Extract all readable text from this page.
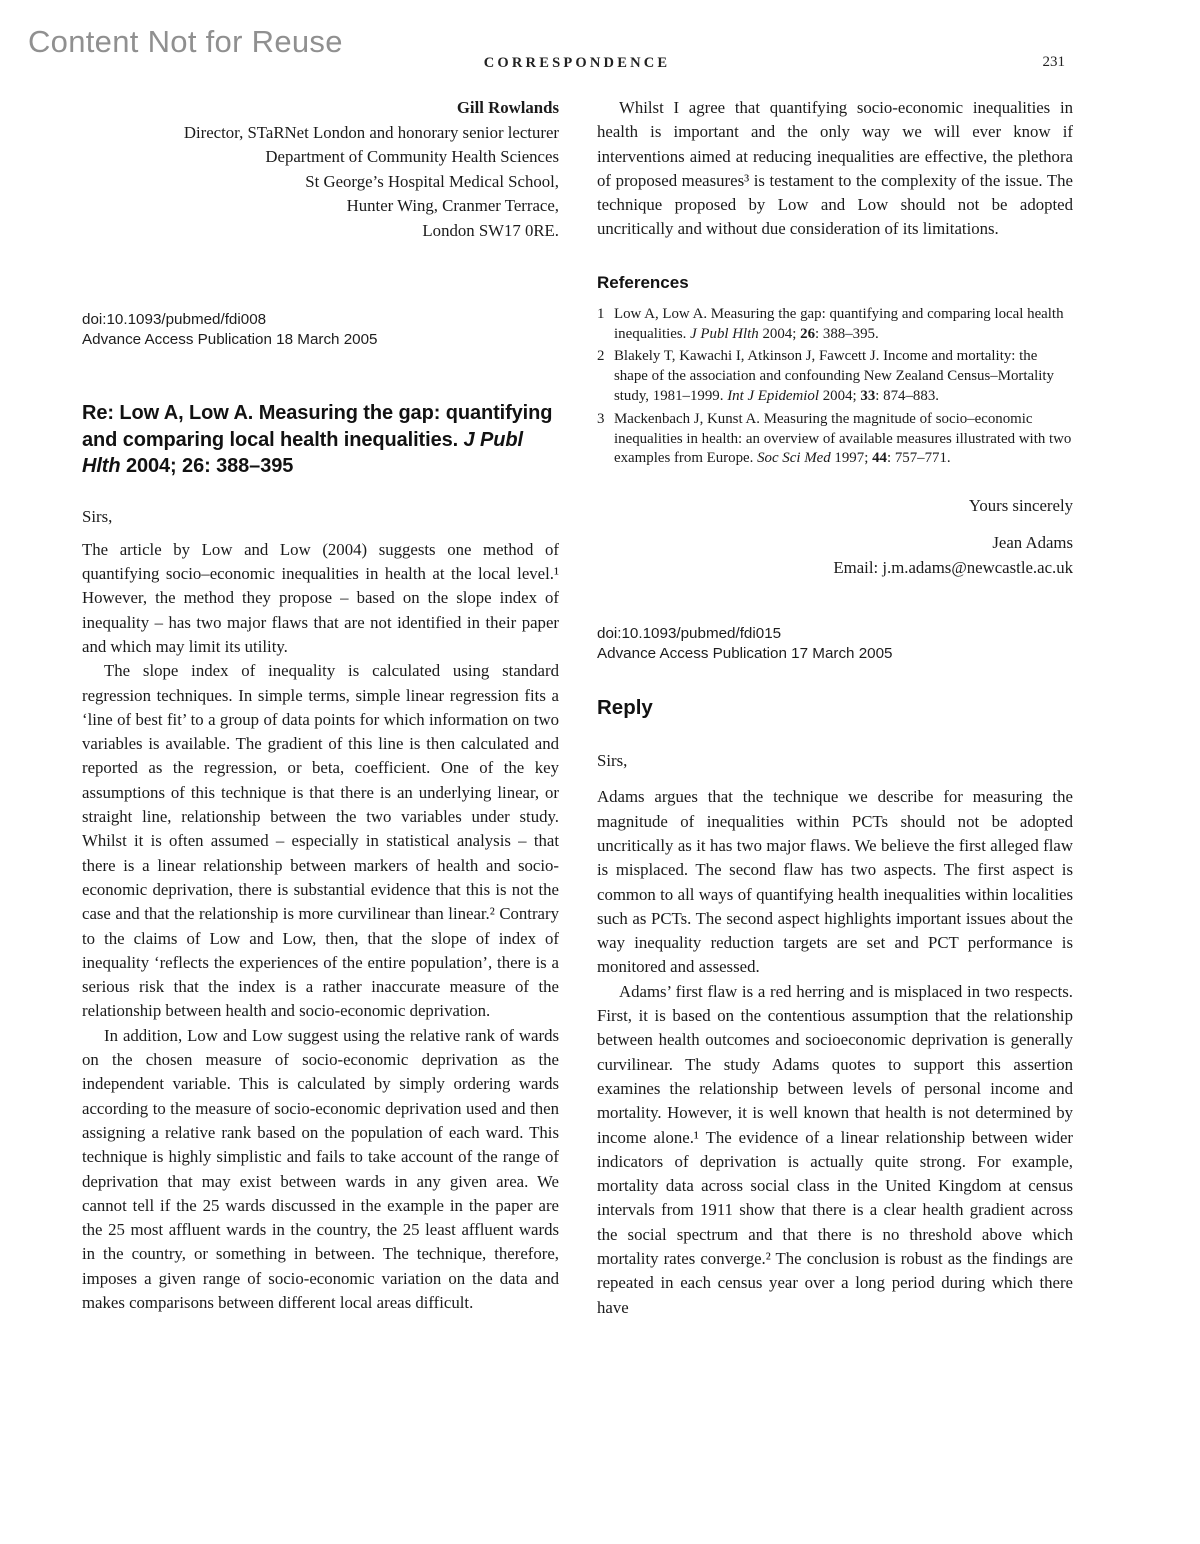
Content Not for Reuse
CORRESPONDENCE	231
Gill Rowlands
Director, STaRNet London and honorary senior lecturer
Department of Community Health Sciences
St George’s Hospital Medical School,
Hunter Wing, Cranmer Terrace,
London SW17 0RE.
doi:10.1093/pubmed/fdi008
Advance Access Publication 18 March 2005
Re: Low A, Low A. Measuring the gap: quantifying and comparing local health inequalities. J Publ Hlth 2004; 26: 388–395
Sirs,

The article by Low and Low (2004) suggests one method of quantifying socio–economic inequalities in health at the local level.¹ However, the method they propose – based on the slope index of inequality – has two major flaws that are not identified in their paper and which may limit its utility.

The slope index of inequality is calculated using standard regression techniques. In simple terms, simple linear regression fits a ‘line of best fit’ to a group of data points for which information on two variables is available. The gradient of this line is then calculated and reported as the regression, or beta, coefficient. One of the key assumptions of this technique is that there is an underlying linear, or straight line, relationship between the two variables under study. Whilst it is often assumed – especially in statistical analysis – that there is a linear relationship between markers of health and socio-economic deprivation, there is substantial evidence that this is not the case and that the relationship is more curvilinear than linear.² Contrary to the claims of Low and Low, then, that the slope of index of inequality ‘reflects the experiences of the entire population’, there is a serious risk that the index is a rather inaccurate measure of the relationship between health and socio-economic deprivation.

In addition, Low and Low suggest using the relative rank of wards on the chosen measure of socio-economic deprivation as the independent variable. This is calculated by simply ordering wards according to the measure of socio-economic deprivation used and then assigning a relative rank based on the population of each ward. This technique is highly simplistic and fails to take account of the range of deprivation that may exist between wards in any given area. We cannot tell if the 25 wards discussed in the example in the paper are the 25 most affluent wards in the country, the 25 least affluent wards in the country, or something in between. The technique, therefore, imposes a given range of socio-economic variation on the data and makes comparisons between different local areas difficult.

Whilst I agree that quantifying socio-economic inequalities in health is important and the only way we will ever know if interventions aimed at reducing inequalities are effective, the plethora of proposed measures³ is testament to the complexity of the issue. The technique proposed by Low and Low should not be adopted uncritically and without due consideration of its limitations.

References
1 Low A, Low A. Measuring the gap: quantifying and comparing local health inequalities. J Publ Hlth 2004; 26: 388–395.
2 Blakely T, Kawachi I, Atkinson J, Fawcett J. Income and mortality: the shape of the association and confounding New Zealand Census–Mortality study, 1981–1999. Int J Epidemiol 2004; 33: 874–883.
3 Mackenbach J, Kunst A. Measuring the magnitude of socio–economic inequalities in health: an overview of available measures illustrated with two examples from Europe. Soc Sci Med 1997; 44: 757–771.
Yours sincerely
Jean Adams
Email: j.m.adams@newcastle.ac.uk
doi:10.1093/pubmed/fdi015
Advance Access Publication 17 March 2005
Reply
Sirs,

Adams argues that the technique we describe for measuring the magnitude of inequalities within PCTs should not be adopted uncritically as it has two major flaws. We believe the first alleged flaw is misplaced. The second flaw has two aspects. The first aspect is common to all ways of quantifying health inequalities within localities such as PCTs. The second aspect highlights important issues about the way inequality reduction targets are set and PCT performance is monitored and assessed.

Adams’ first flaw is a red herring and is misplaced in two respects. First, it is based on the contentious assumption that the relationship between health outcomes and socioeconomic deprivation is generally curvilinear. The study Adams quotes to support this assertion examines the relationship between levels of personal income and mortality. However, it is well known that health is not determined by income alone.¹ The evidence of a linear relationship between wider indicators of deprivation is actually quite strong. For example, mortality data across social class in the United Kingdom at census intervals from 1911 show that there is a clear health gradient across the social spectrum and that there is no threshold above which mortality rates converge.² The conclusion is robust as the findings are repeated in each census year over a long period during which there have
